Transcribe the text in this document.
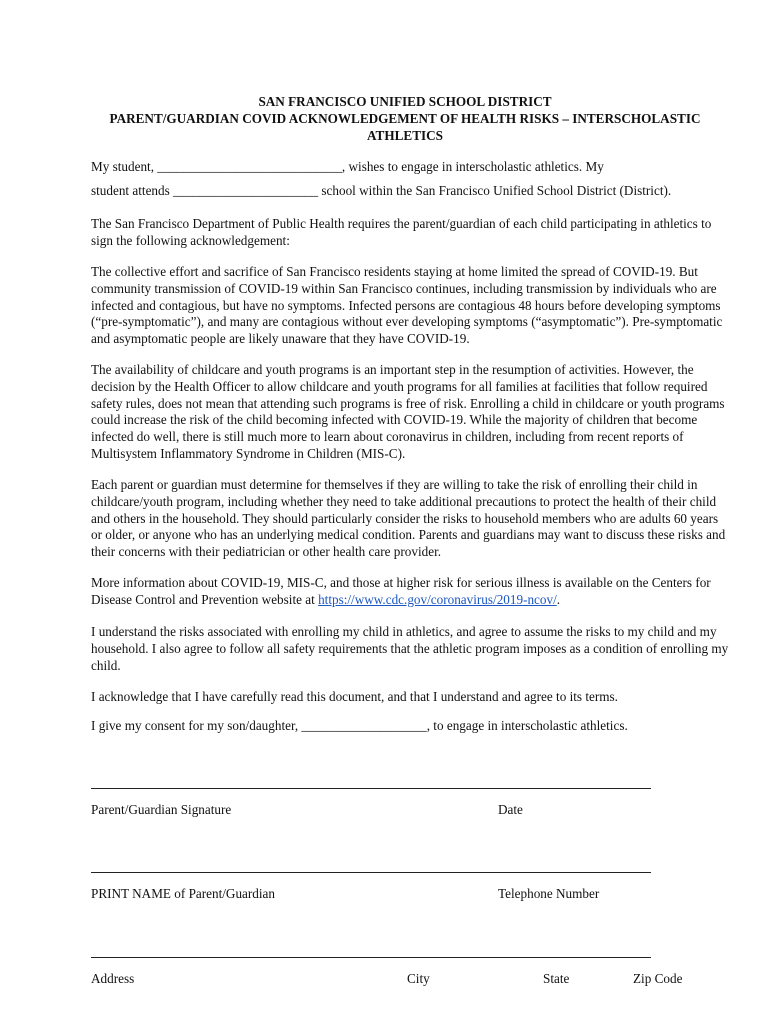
SAN FRANCISCO UNIFIED SCHOOL DISTRICT
PARENT/GUARDIAN COVID ACKNOWLEDGEMENT OF HEALTH RISKS – INTERSCHOLASTIC
ATHLETICS
My student, ____________________________, wishes to engage in interscholastic athletics. My
student attends ______________________ school within the San Francisco Unified School District (District).
The San Francisco Department of Public Health requires the parent/guardian of each child participating in athletics to sign the following acknowledgement:
The collective effort and sacrifice of San Francisco residents staying at home limited the spread of COVID-19. But community transmission of COVID-19 within San Francisco continues, including transmission by individuals who are infected and contagious, but have no symptoms. Infected persons are contagious 48 hours before developing symptoms (“pre-symptomatic”), and many are contagious without ever developing symptoms (“asymptomatic”). Pre-symptomatic and asymptomatic people are likely unaware that they have COVID-19.
The availability of childcare and youth programs is an important step in the resumption of activities. However, the decision by the Health Officer to allow childcare and youth programs for all families at facilities that follow required safety rules, does not mean that attending such programs is free of risk. Enrolling a child in childcare or youth programs could increase the risk of the child becoming infected with COVID-19. While the majority of children that become infected do well, there is still much more to learn about coronavirus in children, including from recent reports of Multisystem Inflammatory Syndrome in Children (MIS-C).
Each parent or guardian must determine for themselves if they are willing to take the risk of enrolling their child in childcare/youth program, including whether they need to take additional precautions to protect the health of their child and others in the household. They should particularly consider the risks to household members who are adults 60 years or older, or anyone who has an underlying medical condition. Parents and guardians may want to discuss these risks and their concerns with their pediatrician or other health care provider.
More information about COVID-19, MIS-C, and those at higher risk for serious illness is available on the Centers for Disease Control and Prevention website at https://www.cdc.gov/coronavirus/2019-ncov/.
I understand the risks associated with enrolling my child in athletics, and agree to assume the risks to my child and my household. I also agree to follow all safety requirements that the athletic program imposes as a condition of enrolling my child.
I acknowledge that I have carefully read this document, and that I understand and agree to its terms.
I give my consent for my son/daughter, ___________________, to engage in interscholastic athletics.
Parent/Guardian Signature	Date
PRINT NAME of Parent/Guardian	Telephone Number
Address	City	State	Zip Code
